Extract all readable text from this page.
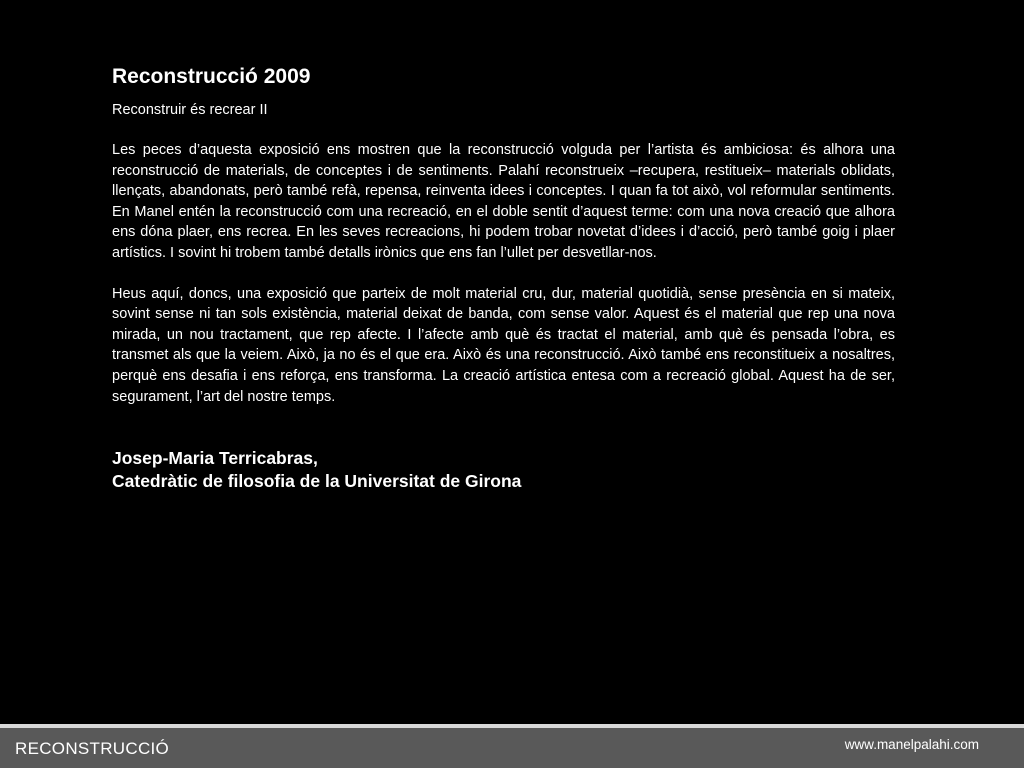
Reconstrucció 2009
Reconstruir és recrear II

Les peces d’aquesta exposició ens mostren que la reconstrucció volguda per l’artista és ambiciosa: és alhora una reconstrucció de materials, de conceptes i de sentiments. Palahí reconstrueix –recupera, restitueix– materials oblidats, llençats, abandonats, però també refà, repensa, reinventa idees i conceptes. I quan fa tot això, vol reformular sentiments. En Manel entén la reconstrucció com una recreació, en el doble sentit d’aquest terme: com una nova creació que alhora ens dóna plaer, ens recrea. En les seves recreacions, hi podem trobar novetat d’idees i d’acció, però també goig i plaer artístics. I sovint hi trobem també detalls irònics que ens fan l’ullet per desvetllar-nos.

Heus aquí, doncs, una exposició que parteix de molt material cru, dur, material quotidià, sense presència en si mateix, sovint sense ni tan sols existència, material deixat de banda, com sense valor. Aquest és el material que rep una nova mirada, un nou tractament, que rep afecte. I l’afecte amb què és tractat el material, amb què és pensada l’obra, es transmet als que la veiem. Això, ja no és el que era. Això és una reconstrucció. Això també ens reconstitueix a nosaltres, perquè ens desafia i ens reforça, ens transforma. La creació artística entesa com a recreació global. Aquest ha de ser, segurament, l’art del nostre temps.

Josep-Maria Terricabras,
Catedràtic de filosofia de la Universitat de Girona
RECONSTRUCCIÓ	www.manelpalahi.com
